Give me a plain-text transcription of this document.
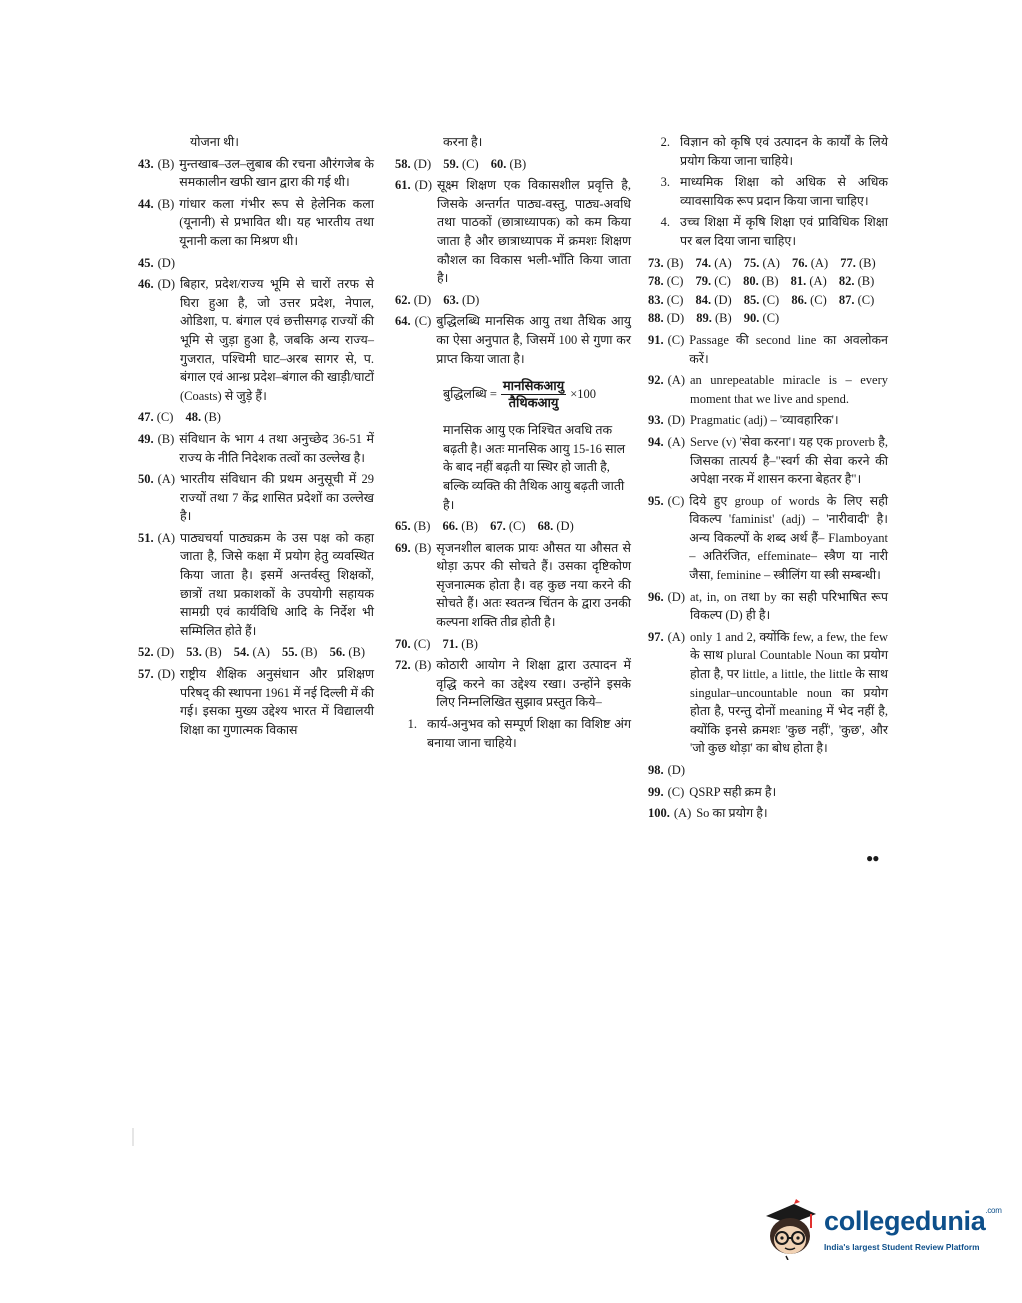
योजना थी।
43. (B) मुन्तखाब–उल–लुबाब की रचना औरंगजेब के समकालीन खफी खान द्वारा की गई थी।
44. (B) गांधार कला गंभीर रूप से हेलेनिक कला (यूनानी) से प्रभावित थी। यह भारतीय तथा यूनानी कला का मिश्रण थी।
45. (D)
46. (D) बिहार, प्रदेश/राज्य भूमि से चारों तरफ से घिरा हुआ है, जो उत्तर प्रदेश, नेपाल, ओडिशा, प. बंगाल एवं छत्तीसगढ़ राज्यों की भूमि से जुड़ा हुआ है, जबकि अन्य राज्य–गुजरात, पश्चिमी घाट–अरब सागर से, प. बंगाल एवं आन्ध्र प्रदेश–बंगाल की खाड़ी/घाटों (Coasts) से जुड़े हैं।
47. (C) 48. (B)
49. (B) संविधान के भाग 4 तथा अनुच्छेद 36-51 में राज्य के नीति निदेशक तत्वों का उल्लेख है।
50. (A) भारतीय संविधान की प्रथम अनुसूची में 29 राज्यों तथा 7 केंद्र शासित प्रदेशों का उल्लेख है।
51. (A) पाठ्यचर्या पाठ्यक्रम के उस पक्ष को कहा जाता है, जिसे कक्षा में प्रयोग हेतु व्यवस्थित किया जाता है। इसमें अन्तर्वस्तु शिक्षकों, छात्रों तथा प्रकाशकों के उपयोगी सहायक सामग्री एवं कार्यविधि आदि के निर्देश भी सम्मिलित होते हैं।
52. (D) 53. (B) 54. (A) 55. (B) 56. (B)
57. (D) राष्ट्रीय शैक्षिक अनुसंधान और प्रशिक्षण परिषद् की स्थापना 1961 में नई दिल्ली में की गई। इसका मुख्य उद्देश्य भारत में विद्यालयी शिक्षा का गुणात्मक विकास
करना है।
58. (D) 59. (C) 60. (B)
61. (D) सूक्ष्म शिक्षण एक विकासशील प्रवृत्ति है, जिसके अन्तर्गत पाठ्य-वस्तु, पाठ्य-अवधि तथा पाठकों (छात्राध्यापक) को कम किया जाता है और छात्राध्यापक में क्रमशः शिक्षण कौशल का विकास भली-भाँति किया जाता है।
62. (D) 63. (D)
64. (C) बुद्धिलब्धि मानसिक आयु तथा तैथिक आयु का ऐसा अनुपात है, जिसमें 100 से गुणा कर प्राप्त किया जाता है।
बुद्धिलब्धि = $\frac{\text{मानसिकआयु}}{\text{तैथिकआयु}} \times 100$
मानसिक आयु एक निश्चित अवधि तक बढ़ती है। अतः मानसिक आयु 15-16 साल के बाद नहीं बढ़ती या स्थिर हो जाती है, बल्कि व्यक्ति की तैथिक आयु बढ़ती जाती है।
65. (B) 66. (B) 67. (C) 68. (D)
69. (B) सृजनशील बालक प्रायः औसत या औसत से थोड़ा ऊपर की सोचते हैं। उसका दृष्टिकोण सृजनात्मक होता है। वह कुछ नया करने की सोचते हैं। अतः स्वतन्त्र चिंतन के द्वारा उनकी कल्पना शक्ति तीव्र होती है।
70. (C) 71. (B)
72. (B) कोठारी आयोग ने शिक्षा द्वारा उत्पादन में वृद्धि करने का उद्देश्य रखा। उन्होंने इसके लिए निम्नलिखित सुझाव प्रस्तुत किये–
1. कार्य-अनुभव को सम्पूर्ण शिक्षा का विशिष्ट अंग बनाया जाना चाहिये।
2. विज्ञान को कृषि एवं उत्पादन के कार्यों के लिये प्रयोग किया जाना चाहिये।
3. माध्यमिक शिक्षा को अधिक से अधिक व्यावसायिक रूप प्रदान किया जाना चाहिए।
4. उच्च शिक्षा में कृषि शिक्षा एवं प्राविधिक शिक्षा पर बल दिया जाना चाहिए।
73. (B) 74. (A) 75. (A) 76. (A) 77. (B)
78. (C) 79. (C) 80. (B) 81. (A) 82. (B)
83. (C) 84. (D) 85. (C) 86. (C) 87. (C)
88. (D) 89. (B) 90. (C)
91. (C) Passage की second line का अवलोकन करें।
92. (A) an unrepeatable miracle is – every moment that we live and spend.
93. (D) Pragmatic (adj) – 'व्यावहारिक'।
94. (A) Serve (v) 'सेवा करना'। यह एक proverb है, जिसका तात्पर्य है–"स्वर्ग की सेवा करने की अपेक्षा नरक में शासन करना बेहतर है"।
95. (C) दिये हुए group of words के लिए सही विकल्प 'faminist' (adj) – 'नारीवादी' है। अन्य विकल्पों के शब्द अर्थ हैं– Flamboyant – अतिरंजित, effeminate– स्त्रैण या नारी जैसा, feminine – स्त्रीलिंग या स्त्री सम्बन्धी।
96. (D) at, in, on तथा by का सही परिभाषित रूप विकल्प (D) ही है।
97. (A) only 1 and 2, क्योंकि few, a few, the few के साथ plural Countable Noun का प्रयोग होता है, पर little, a little, the little के साथ singular–uncountable noun का प्रयोग होता है, परन्तु दोनों meaning में भेद नहीं है, क्योंकि इनसे क्रमशः 'कुछ नहीं', 'कुछ', और 'जो कुछ थोड़ा' का बोध होता है।
98. (D)
99. (C) QSRP सही क्रम है।
100. (A) So का प्रयोग है।
●●
collegedunia$^{.com}$
India's largest Student Review Platform
